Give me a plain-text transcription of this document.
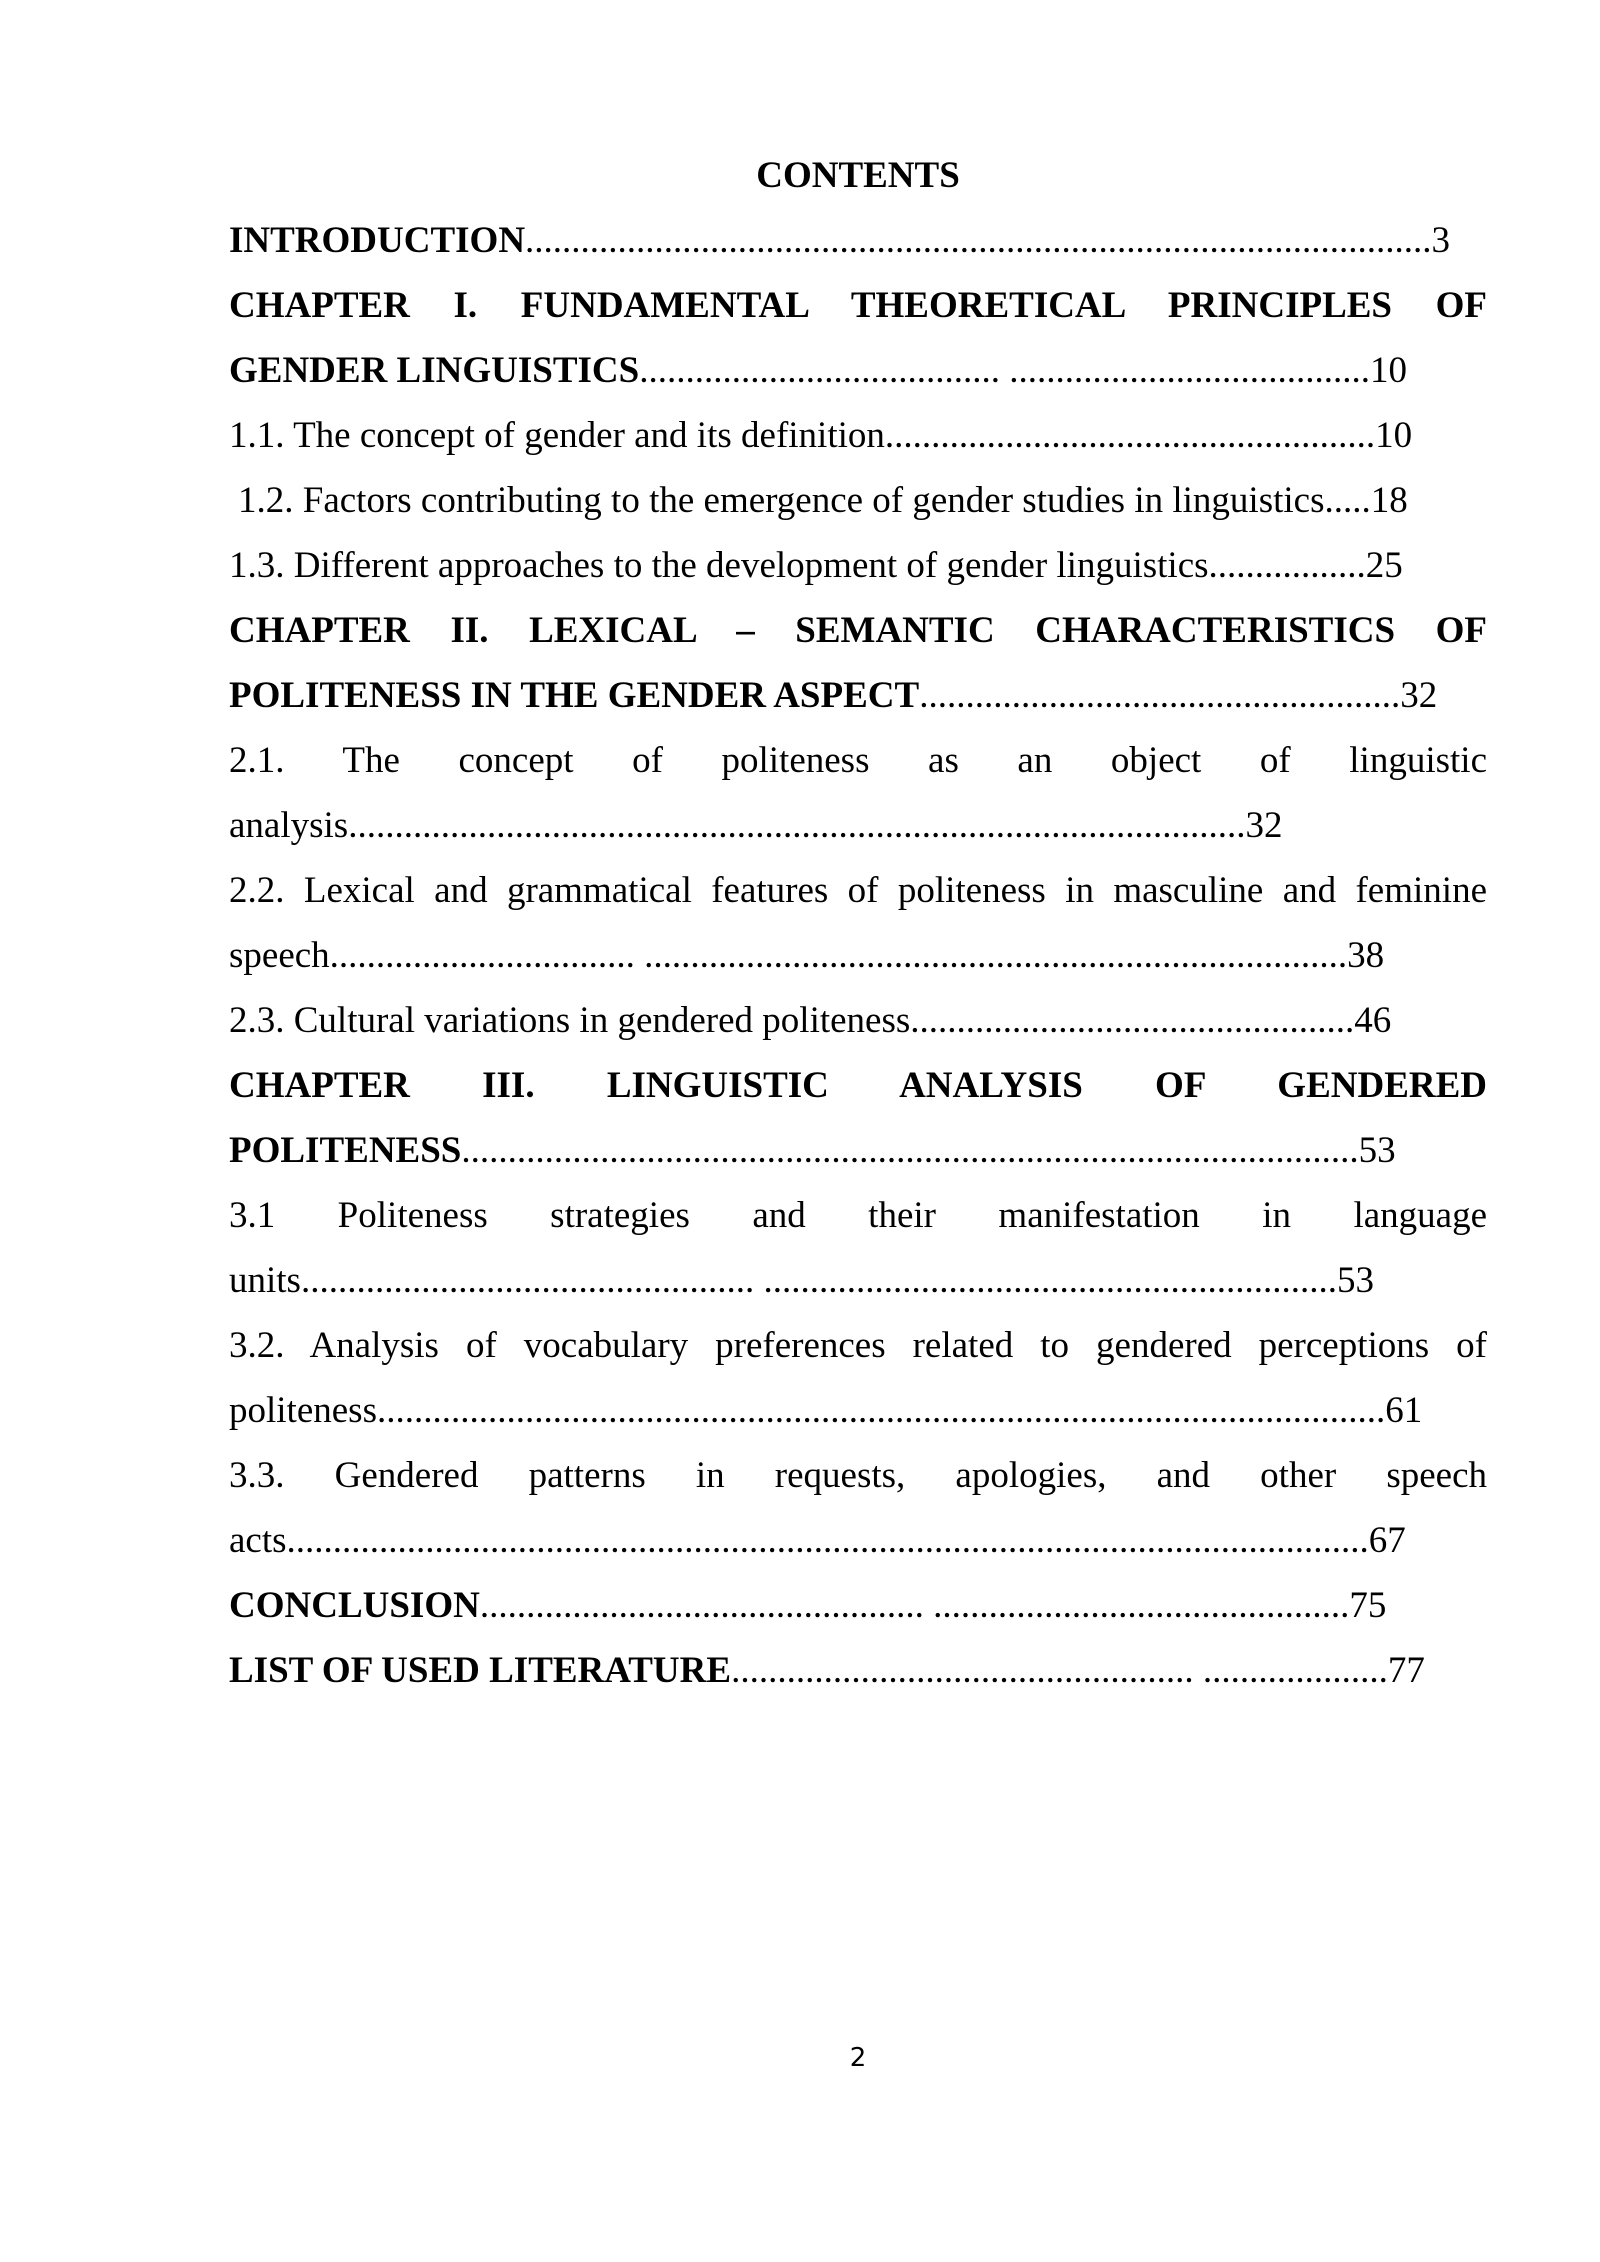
CONTENTS
INTRODUCTION..................................................................................................3
CHAPTER I. FUNDAMENTAL THEORETICAL PRINCIPLES OF
GENDER LINGUISTICS....................................... .......................................10
1.1. The concept of gender and its definition.....................................................10
1.2. Factors contributing to the emergence of gender studies in linguistics.....18
1.3. Different approaches to the development of gender linguistics.................25
CHAPTER II. LEXICAL – SEMANTIC CHARACTERISTICS OF
POLITENESS IN THE GENDER ASPECT....................................................32
2.1. The concept of politeness as an object of linguistic
analysis.................................................................................................32
2.2. Lexical and grammatical features of politeness in masculine and feminine
speech................................. ............................................................................38
2.3. Cultural variations in gendered politeness................................................46
CHAPTER III. LINGUISTIC ANALYSIS OF GENDERED
POLITENESS.................................................................................................53
3.1 Politeness strategies and their manifestation in language
units................................................. ..............................................................53
3.2. Analysis of vocabulary preferences related to gendered perceptions of
politeness.............................................................................................................61
3.3. Gendered patterns in requests, apologies, and other speech
acts.....................................................................................................................67
CONCLUSION................................................ .............................................75
LIST OF USED LITERATURE.................................................. ....................77
2
